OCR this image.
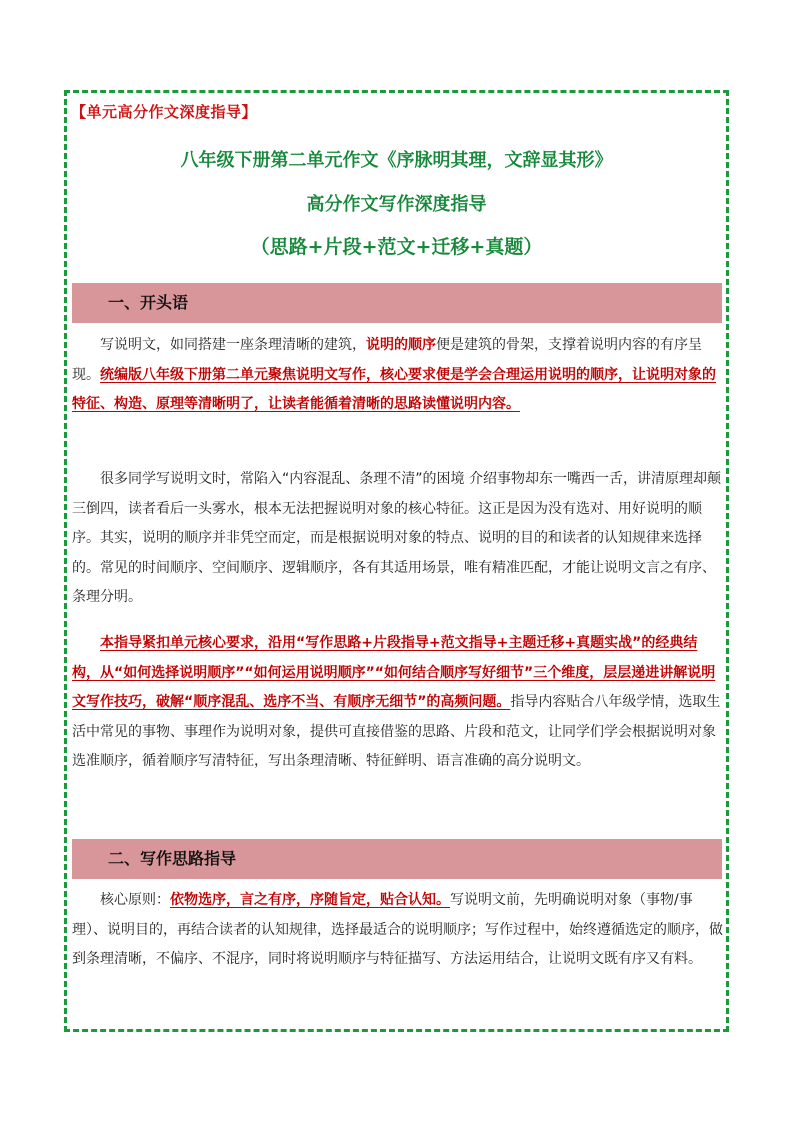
【单元高分作文深度指导】
八年级下册第二单元作文《序脉明其理，文辞显其形》
高分作文写作深度指导
（思路+片段+范文+迁移+真题）
一、开头语

写说明文，如同搭建一座条理清晰的建筑，说明的顺序便是建筑的骨架，支撑着说明内容的有序呈现。统编版八年级下册第二单元聚焦说明文写作，核心要求便是学会合理运用说明的顺序，让说明对象的特征、构造、原理等清晰明了，让读者能循着清晰的思路读懂说明内容。

很多同学写说明文时，常陷入“内容混乱、条理不清”的困境 介绍事物却东一嘴西一舌，讲清原理却颠三倒四，读者看后一头雾水，根本无法把握说明对象的核心特征。这正是因为没有选对、用好说明的顺序。其实，说明的顺序并非凭空而定，而是根据说明对象的特点、说明的目的和读者的认知规律来选择的。常见的时间顺序、空间顺序、逻辑顺序，各有其适用场景，唯有精准匹配，才能让说明文言之有序、条理分明。

本指导紧扣单元核心要求，沿用“写作思路+片段指导+范文指导+主题迁移+真题实战”的经典结构，从“如何选择说明顺序”“如何运用说明顺序”“如何结合顺序写好细节”三个维度，层层递进讲解说明文写作技巧，破解“顺序混乱、选序不当、有顺序无细节”的高频问题。指导内容贴合八年级学情，选取生活中常见的事物、事理作为说明对象，提供可直接借鉴的思路、片段和范文，让同学们学会根据说明对象选准顺序，循着顺序写清特征，写出条理清晰、特征鲜明、语言准确的高分说明文。

二、写作思路指导

核心原则：依物选序，言之有序，序随旨定，贴合认知。写说明文前，先明确说明对象（事物/事理）、说明目的，再结合读者的认知规律，选择最适合的说明顺序；写作过程中，始终遵循选定的顺序，做到条理清晰，不偏序、不混序，同时将说明顺序与特征描写、方法运用结合，让说明文既有序又有料。
